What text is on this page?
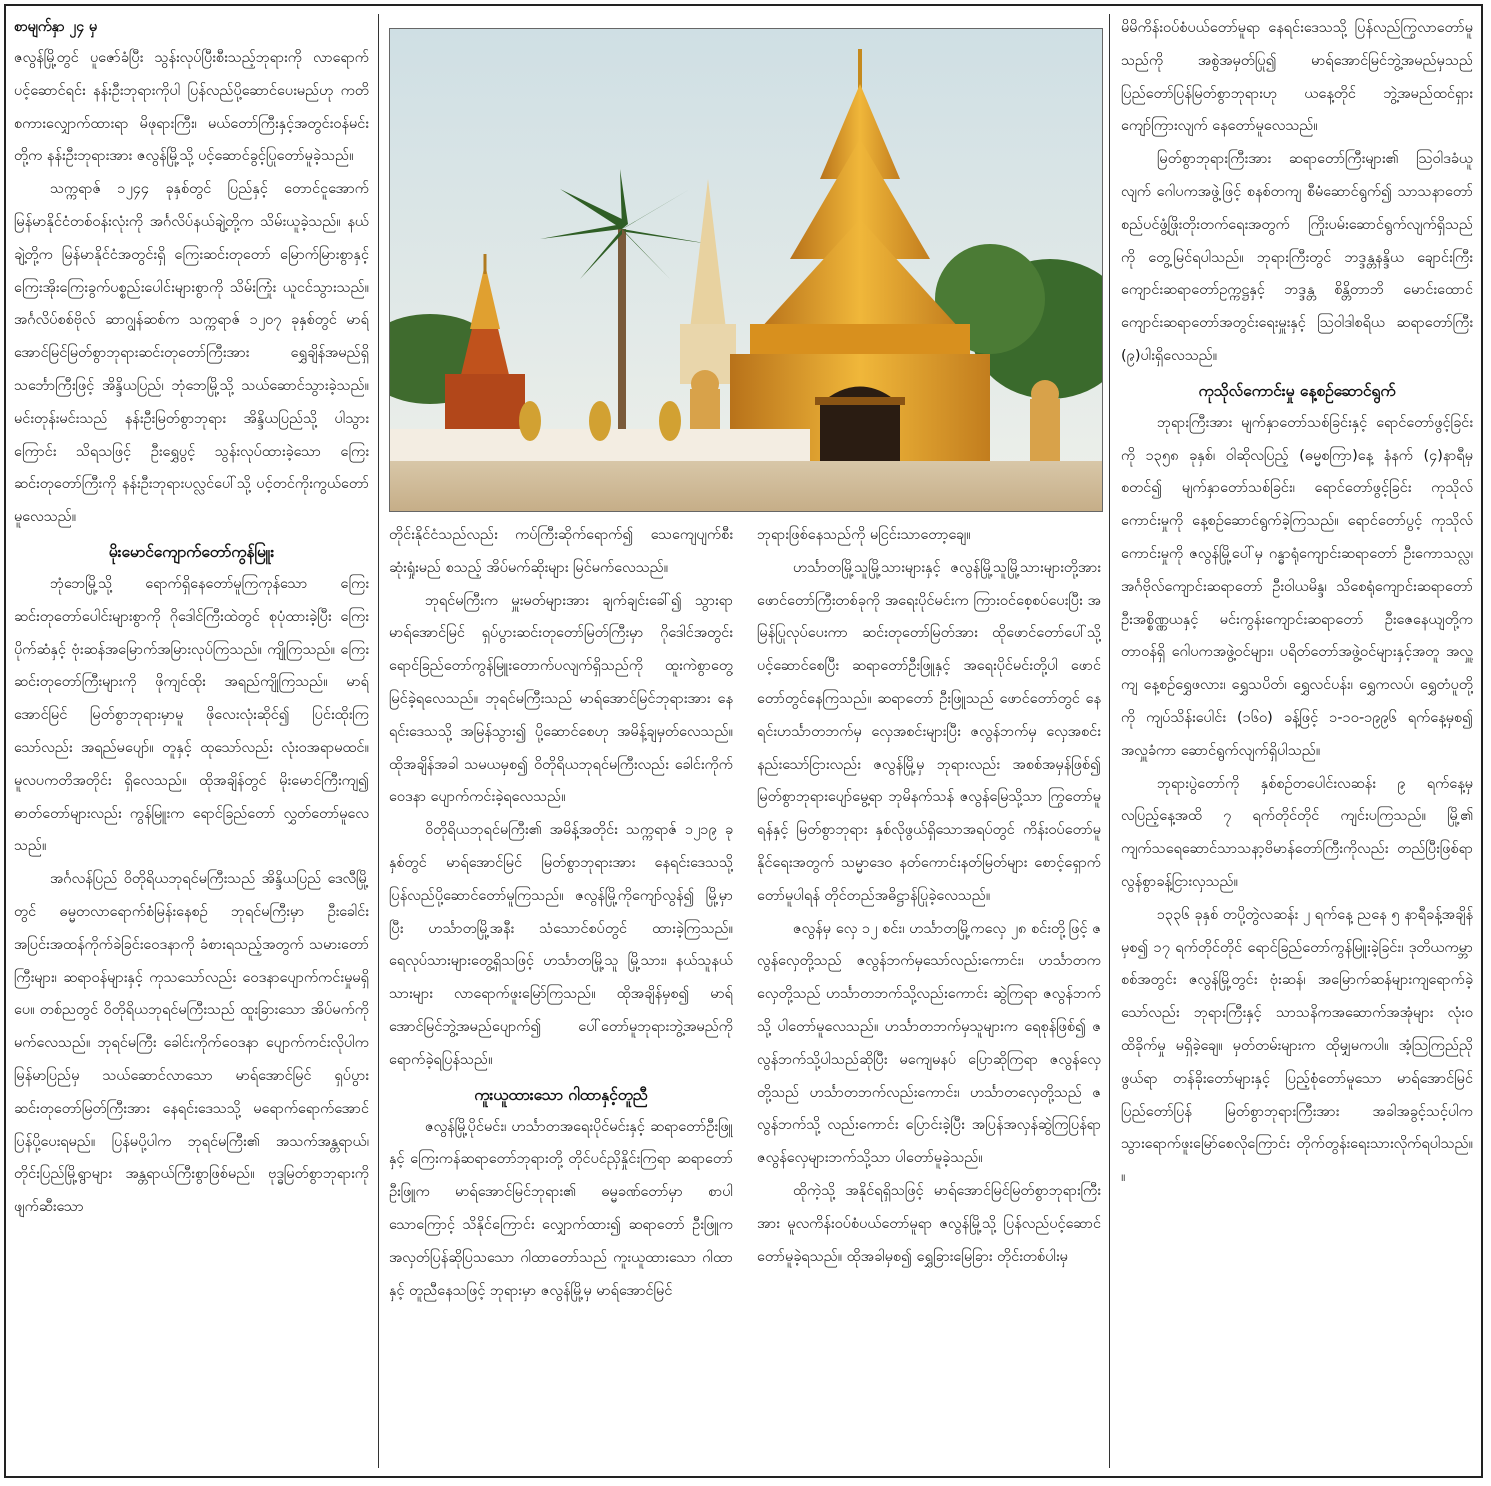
စာမျက်နှာ ၂၄ မှ

ဇလွန်မြို့တွင် ပူဇော်ခံပြီး သွန်းလုပ်ပြီးစီးသည့်ဘုရားကို လာရောက်ပင့်ဆောင်ရင်း နန်းဦးဘုရားကိုပါ ပြန်လည်ပို့ဆောင်ပေးမည်ဟု ကတိစကားလျှောက်ထားရာ မိဖုရားကြီး၊ မယ်တော်ကြီးနှင့်အတွင်းဝန်မင်းတို့က နန်းဦးဘုရားအား ဇလွန်မြို့သို့ ပင့်ဆောင်ခွင့်ပြုတော်မူခဲ့သည်။

သက္ကရာဇ် ၁၂၄၄ ခုနှစ်တွင် ပြည်နှင့် တောင်ငူအောက်မြန်မာနိုင်ငံတစ်ဝန်းလုံးကို အင်္ဂလိပ်နယ်ချဲ့တို့က သိမ်းယူခဲ့သည်။ နယ်ချဲ့တို့က မြန်မာနိုင်ငံအတွင်းရှိ ကြေးဆင်းတုတော် မြောက်မြားစွာနှင့်ကြေးအိုးကြေးခွက်ပစ္စည်းပေါင်းများစွာကို သိမ်းကြုံး ယူငင်သွားသည်။ အင်္ဂလိပ်စစ်ဗိုလ် ဆာဂျွန်ဆစ်က သက္ကရာဇ် ၁၂၀၇ ခုနှစ်တွင် မာရ်အောင်မြင်မြတ်စွာဘုရားဆင်းတုတော်ကြီးအား ရွှေချိန်အမည်ရှိ သင်္ဘောကြီးဖြင့် အိန္ဒိယပြည်၊ ဘုံဘေမြို့သို့ သယ်ဆောင်သွားခဲ့သည်။ မင်းတုန်းမင်းသည် နန်းဦးမြတ်စွာဘုရား အိန္ဒိယပြည်သို့ ပါသွားကြောင်း သိရသဖြင့် ဦးရွှေပွင့် သွန်းလုပ်ထားခဲ့သော ကြေးဆင်းတုတော်ကြီးကို နန်းဦးဘုရားပလ္လင်ပေါ်သို့ ပင့်တင်ကိုးကွယ်တော်မူလေသည်။

မိုးမောင်ကျောက်တော်ကွန်မြူး

ဘုံဘေမြို့သို့ ရောက်ရှိနေတော်မူကြကုန်သော ကြေးဆင်းတုတော်ပေါင်းများစွာကို ဂိုဒေါင်ကြီးထဲတွင် စုပုံထားခဲ့ပြီး ကြေးပိုက်ဆံနှင့် ဗုံးဆန်အမြောက်အမြားလုပ်ကြသည်။ ကျိုကြသည်။ ကြေးဆင်းတုတော်ကြီးများကို ဖိုကျင်ထိုး အရည်ကျိုကြသည်။ မာရ်အောင်မြင် မြတ်စွာဘုရားမှာမူ ဖိုလေးလုံးဆိုင်၍ ပြင်းထိုးကြသော်လည်း အရည်မပျော်။ တူနှင့် ထုသော်လည်း လုံးဝအရာမထင်။ မူလပကတိအတိုင်း ရှိလေသည်။ ထိုအချိန်တွင် မိုးမောင်ကြီးကျ၍ ဓာတ်တော်များလည်း ကွန်မြူးက ရောင်ခြည်တော် လွှတ်တော်မူလေသည်။

အင်္ဂလန်ပြည် ဝိတိုရိယဘုရင်မကြီးသည် အိန္ဒိယပြည် ဒေလီမြို့တွင် ဓမ္မတလာရောက်စံမြန်းနေစဉ် ဘုရင်မကြီးမှာ ဦးခေါင်းအပြင်းအထန်ကိုက်ခဲခြင်းဝေဒနာကို ခံစားရသည့်အတွက် သမားတော်ကြီးများ၊ ဆရာဝန်များနှင့် ကုသသော်လည်း ဝေဒနာပျောက်ကင်းမှုမရှိပေ။ တစ်ညတွင် ဝိတိုရိယဘုရင်မကြီးသည် ထူးခြားသော အိပ်မက်ကို မက်လေသည်။ ဘုရင်မကြီး ခေါင်းကိုက်ဝေဒနာ ပျောက်ကင်းလိုပါက မြန်မာပြည်မှ သယ်ဆောင်လာသော မာရ်အောင်မြင် ရှပ်ပွားဆင်းတုတော်မြတ်ကြီးအား နေရင်းဒေသသို့ မရောက်ရောက်အောင်ပြန်ပို့ပေးရမည်။ ပြန်မပို့ပါက ဘုရင်မကြီး၏ အသက်အန္တရာယ်၊ တိုင်းပြည်မြို့ရွာများ အန္တရာယ်ကြီးစွာဖြစ်မည်။ ဗုဒ္ဓမြတ်စွာဘုရားကို ဖျက်ဆီးသော

တိုင်းနိုင်ငံသည်လည်း ကပ်ကြီးဆိုက်ရောက်၍ သေကျေပျက်စီးဆုံးရှုံးမည် စသည့် အိပ်မက်ဆိုးများ မြင်မက်လေသည်။

ဘုရင်မကြီးက မှူးမတ်များအား ချက်ချင်းခေါ်၍ သွားရာ မာရ်အောင်မြင် ရှပ်ပွားဆင်းတုတော်မြတ်ကြီးမှာ ဂိုဒေါင်အတွင်း ရောင်ခြည်တော်ကွန်မြူးတောက်ပလျက်ရှိသည်ကို ထူးကဲစွာတွေ့မြင်ခဲ့ရလေသည်။ ဘုရင်မကြီးသည် မာရ်အောင်မြင်ဘုရားအား နေရင်းဒေသသို့ အမြန်သွား၍ ပို့ဆောင်စေဟု အမိန့်ချမှတ်လေသည်။ ထိုအချိန်အခါ သမယမှစ၍ ဝိတိုရိယဘုရင်မကြီးလည်း ခေါင်းကိုက်ဝေဒနာ ပျောက်ကင်းခဲ့ရလေသည်။

ဝိတိုရိယဘုရင်မကြီး၏ အမိန့်အတိုင်း သက္ကရာဇ် ၁၂၁၉ ခုနှစ်တွင် မာရ်အောင်မြင် မြတ်စွာဘုရားအား နေရင်းဒေသသို့ပြန်လည်ပို့ဆောင်တော်မူကြသည်။ ဇလွန်မြို့ကိုကျော်လွန်၍ မြို့မှာပြီး ဟင်္သာတမြို့အနီး သံသောင်စပ်တွင် ထားခဲ့ကြသည်။ ရေလုပ်သားများတွေ့ရှိသဖြင့် ဟင်္သာတမြို့သူ မြို့သား၊ နယ်သူနယ်သားများ လာရောက်ဖူးမြော်ကြသည်။ ထိုအချိန်မှစ၍ မာရ်အောင်မြင်ဘွဲ့အမည်ပျောက်၍ ပေါ်တော်မူဘုရားဘွဲ့အမည်ကို ရောက်ခဲ့ရပြန်သည်။

ကူးယူထားသော ဂါထာနှင့်တူညီ

ဇလွန်မြို့ပိုင်မင်း၊ ဟင်္သာတအရေးပိုင်မင်းနှင့် ဆရာတော်ဦးဖြူနှင့် ကြေးကန်ဆရာတော်ဘုရားတို့ တိုင်ပင်ညှိနှိုင်းကြရာ ဆရာတော် ဦးဖြူက မာရ်အောင်မြင်ဘုရား၏ ဓမ္မခဏ်တော်မှာ စာပါသောကြောင့် သိနိုင်ကြောင်း လျှောက်ထား၍ ဆရာတော် ဦးဖြူက အလှတ်ပြန်ဆိုပြသသော ဂါထာတော်သည် ကူးယူထားသော ဂါထာနှင့် တူညီနေသဖြင့် ဘုရားမှာ ဇလွန်မြို့မှ မာရ်အောင်မြင်

ဘုရားဖြစ်နေသည်ကို မငြင်းသာတော့ချေ။

ဟင်္သာတမြို့သူမြို့သားများနှင့် ဇလွန်မြို့သူမြို့သားများတို့အား ဖောင်တော်ကြီးတစ်ခုကို အရေးပိုင်မင်းက ကြားဝင်စေ့စပ်ပေးပြီး အမြန်ပြုလုပ်ပေးကာ ဆင်းတုတော်မြတ်အား ထိုဖောင်တော်ပေါ်သို့ ပင့်ဆောင်စေပြီး ဆရာတော်ဦးဖြူနှင့် အရေးပိုင်မင်းတို့ပါ ဖောင်တော်တွင်နေကြသည်။ ဆရာတော် ဦးဖြူသည် ဖောင်တော်တွင် နေရင်းဟင်္သာတဘက်မှ လှေအစင်းများပြီး ဇလွန်ဘက်မှ လှေအစင်းနည်းသော်ငြားလည်း ဇလွန်မြို့မှ ဘုရားလည်း အစစ်အမှန်ဖြစ်၍ မြတ်စွာဘုရားပျော်မွေ့ရာ ဘုမိနက်သန် ဇလွန်မြေသို့သာ ကြွတော်မူရန်နှင့် မြတ်စွာဘုရား နှစ်လိုဖွယ်ရှိသောအရပ်တွင် ကိန်းဝပ်တော်မူနိုင်ရေးအတွက် သမ္မာဒေဝ နတ်ကောင်းနတ်မြတ်များ စောင့်ရှောက်တော်မူပါရန် တိုင်တည်အဓိဋ္ဌာန်ပြုခဲ့လေသည်။

ဇလွန်မှ လှေ ၁၂ စင်း၊ ဟင်္သာတမြို့ကလှေ ၂၈ စင်းတို့ဖြင့် ဇလွန်လှေတို့သည် ဇလွန်ဘက်မှသော်လည်းကောင်း၊ ဟင်္သာတကလှေတို့သည် ဟင်္သာတဘက်သို့လည်းကောင်း ဆွဲကြရာ ဇလွန်ဘက်သို့ ပါတော်မူလေသည်။ ဟင်္သာတဘက်မှသူများက ရေစုန်ဖြစ်၍ ဇလွန်ဘက်သို့ပါသည်ဆိုပြီး မကျေမနပ် ပြောဆိုကြရာ ဇလွန်လှေတို့သည် ဟင်္သာတဘက်လည်းကောင်း၊ ဟင်္သာတလှေတို့သည် ဇလွန်ဘက်သို့ လည်းကောင်း ပြောင်းခဲ့ပြီး အပြန်အလှန်ဆွဲကြပြန်ရာ ဇလွန်လှေများဘက်သို့သာ ပါတော်မူခဲ့သည်။

ထိုကဲ့သို့ အနိုင်ရရှိသဖြင့် မာရ်အောင်မြင်မြတ်စွာဘုရားကြီးအား မူလကိန်းဝပ်စံပယ်တော်မူရာ ဇလွန်မြို့သို့ ပြန်လည်ပင့်ဆောင်တော်မူခဲ့ရသည်။ ထိုအခါမှစ၍ ရွှေခြားမြေခြား တိုင်းတစ်ပါးမှ

မိမိကိန်းဝပ်စံပယ်တော်မူရာ နေရင်းဒေသသို့ ပြန်လည်ကြွလာတော်မူသည်ကို အစွဲအမှတ်ပြု၍ မာရ်အောင်မြင်ဘွဲ့အမည်မှသည် ပြည်တော်ပြန်မြတ်စွာဘုရားဟု ယနေ့တိုင် ဘွဲ့အမည်ထင်ရှားကျော်ကြားလျက် နေတော်မူလေသည်။

မြတ်စွာဘုရားကြီးအား ဆရာတော်ကြီးများ၏ ဩဝါဒခံယူလျက် ဂေါပကအဖွဲ့ဖြင့် စနစ်တကျ စီမံဆောင်ရွက်၍ သာသနာတော်စည်ပင်ဖွံ့ဖြိုးတိုးတက်ရေးအတွက် ကြိုးပမ်းဆောင်ရွက်လျက်ရှိသည်ကို တွေ့မြင်ရပါသည်။ ဘုရားကြီးတွင် ဘဒ္ဒန္တနန္ဒိယ ချောင်းကြီးကျောင်းဆရာတော်ဥက္ကဋ္ဌနှင့် ဘဒ္ဒန္တ စိန္တိတာဘိ မောင်းထောင်ကျောင်းဆရာတော်အတွင်းရေးမှူးနှင့် ဩဝါဒါစရိယ ဆရာတော်ကြီး (၉)ပါးရှိလေသည်။

ကုသိုလ်ကောင်းမှု နေ့စဉ်ဆောင်ရွက်

ဘုရားကြီးအား မျက်နှာတော်သစ်ခြင်းနှင့် ရောင်တော်ဖွင့်ခြင်းကို ၁၃၅၈ ခုနှစ်၊ ဝါဆိုလပြည့် (ဓမ္မစကြာ)နေ့ နံနက် (၄)နာရီမှစတင်၍ မျက်နှာတော်သစ်ခြင်း၊ ရောင်တော်ဖွင့်ခြင်း ကုသိုလ်ကောင်းမှုကို နေ့စဉ်ဆောင်ရွက်ခဲ့ကြသည်။ ရောင်တော်ပွင့် ကုသိုလ်ကောင်းမှုကို ဇလွန်မြို့ပေါ်မှ ဂန္ဓာရုံကျောင်းဆရာတော် ဦးကောသလ္လ၊ အင်္ဂဗိုလ်ကျောင်းဆရာတော် ဦးဝါယမိန္ဒ၊ သိစေရုံကျောင်းဆရာတော် ဦးအစ္စိဏ္ဏယနှင့် မင်းကွန်းကျောင်းဆရာတော် ဦးဇေနေယျတို့က တာဝန်ရှိ ဂေါပကအဖွဲ့ဝင်များ၊ ပရိတ်တော်အဖွဲ့ဝင်များနှင့်အတူ အလှူ့ကျ နေ့စဉ်ရွှေဖလား၊ ရွှေသပိတ်၊ ရွှေလင်ပန်း၊ ရွှေကလပ်၊ ရွှေတံပူတို့ကို ကျပ်သိန်းပေါင်း (၁၆၀) ခန့်ဖြင့် ၁-၁၀-၁၉၉၆ ရက်နေ့မှစ၍ အလှူခံကာ ဆောင်ရွက်လျက်ရှိပါသည်။

ဘုရားပွဲတော်ကို နှစ်စဉ်တပေါင်းလဆန်း ၉ ရက်နေ့မှ လပြည့်နေ့အထိ ၇ ရက်တိုင်တိုင် ကျင်းပကြသည်။ မြို့၏ ကျက်သရေဆောင်သာသနာ့ဗိမာန်တော်ကြီးကိုလည်း တည်ပြီးဖြစ်ရာ လွန်စွာခန့်ငြားလှသည်။

၁၃၃၆ ခုနှစ် တပို့တွဲလဆန်း ၂ ရက်နေ့ ညနေ ၅ နာရီခန့်အချိန်မှစ၍ ၁၇ ရက်တိုင်တိုင် ရောင်ခြည်တော်ကွန်မြူးခဲ့ခြင်း၊ ဒုတိယကမ္ဘာစစ်အတွင်း ဇလွန်မြို့တွင်း ဗုံးဆန်၊ အမြောက်ဆန်များကျရောက်ခဲ့သော်လည်း ဘုရားကြီးနှင့် သာသနိကအဆောက်အအုံများ လုံးဝထိခိုက်မှု မရှိခဲ့ချေ။ မှတ်တမ်းများက ထိုမျှမကပါ။ အံ့သြကြည်ညိုဖွယ်ရာ တန်ခိုးတော်များနှင့် ပြည့်စုံတော်မူသော မာရ်အောင်မြင် ပြည်တော်ပြန် မြတ်စွာဘုရားကြီးအား အခါအခွင့်သင့်ပါက သွားရောက်ဖူးမြော်စေလိုကြောင်း တိုက်တွန်းရေးသားလိုက်ရပါသည်။ ။
